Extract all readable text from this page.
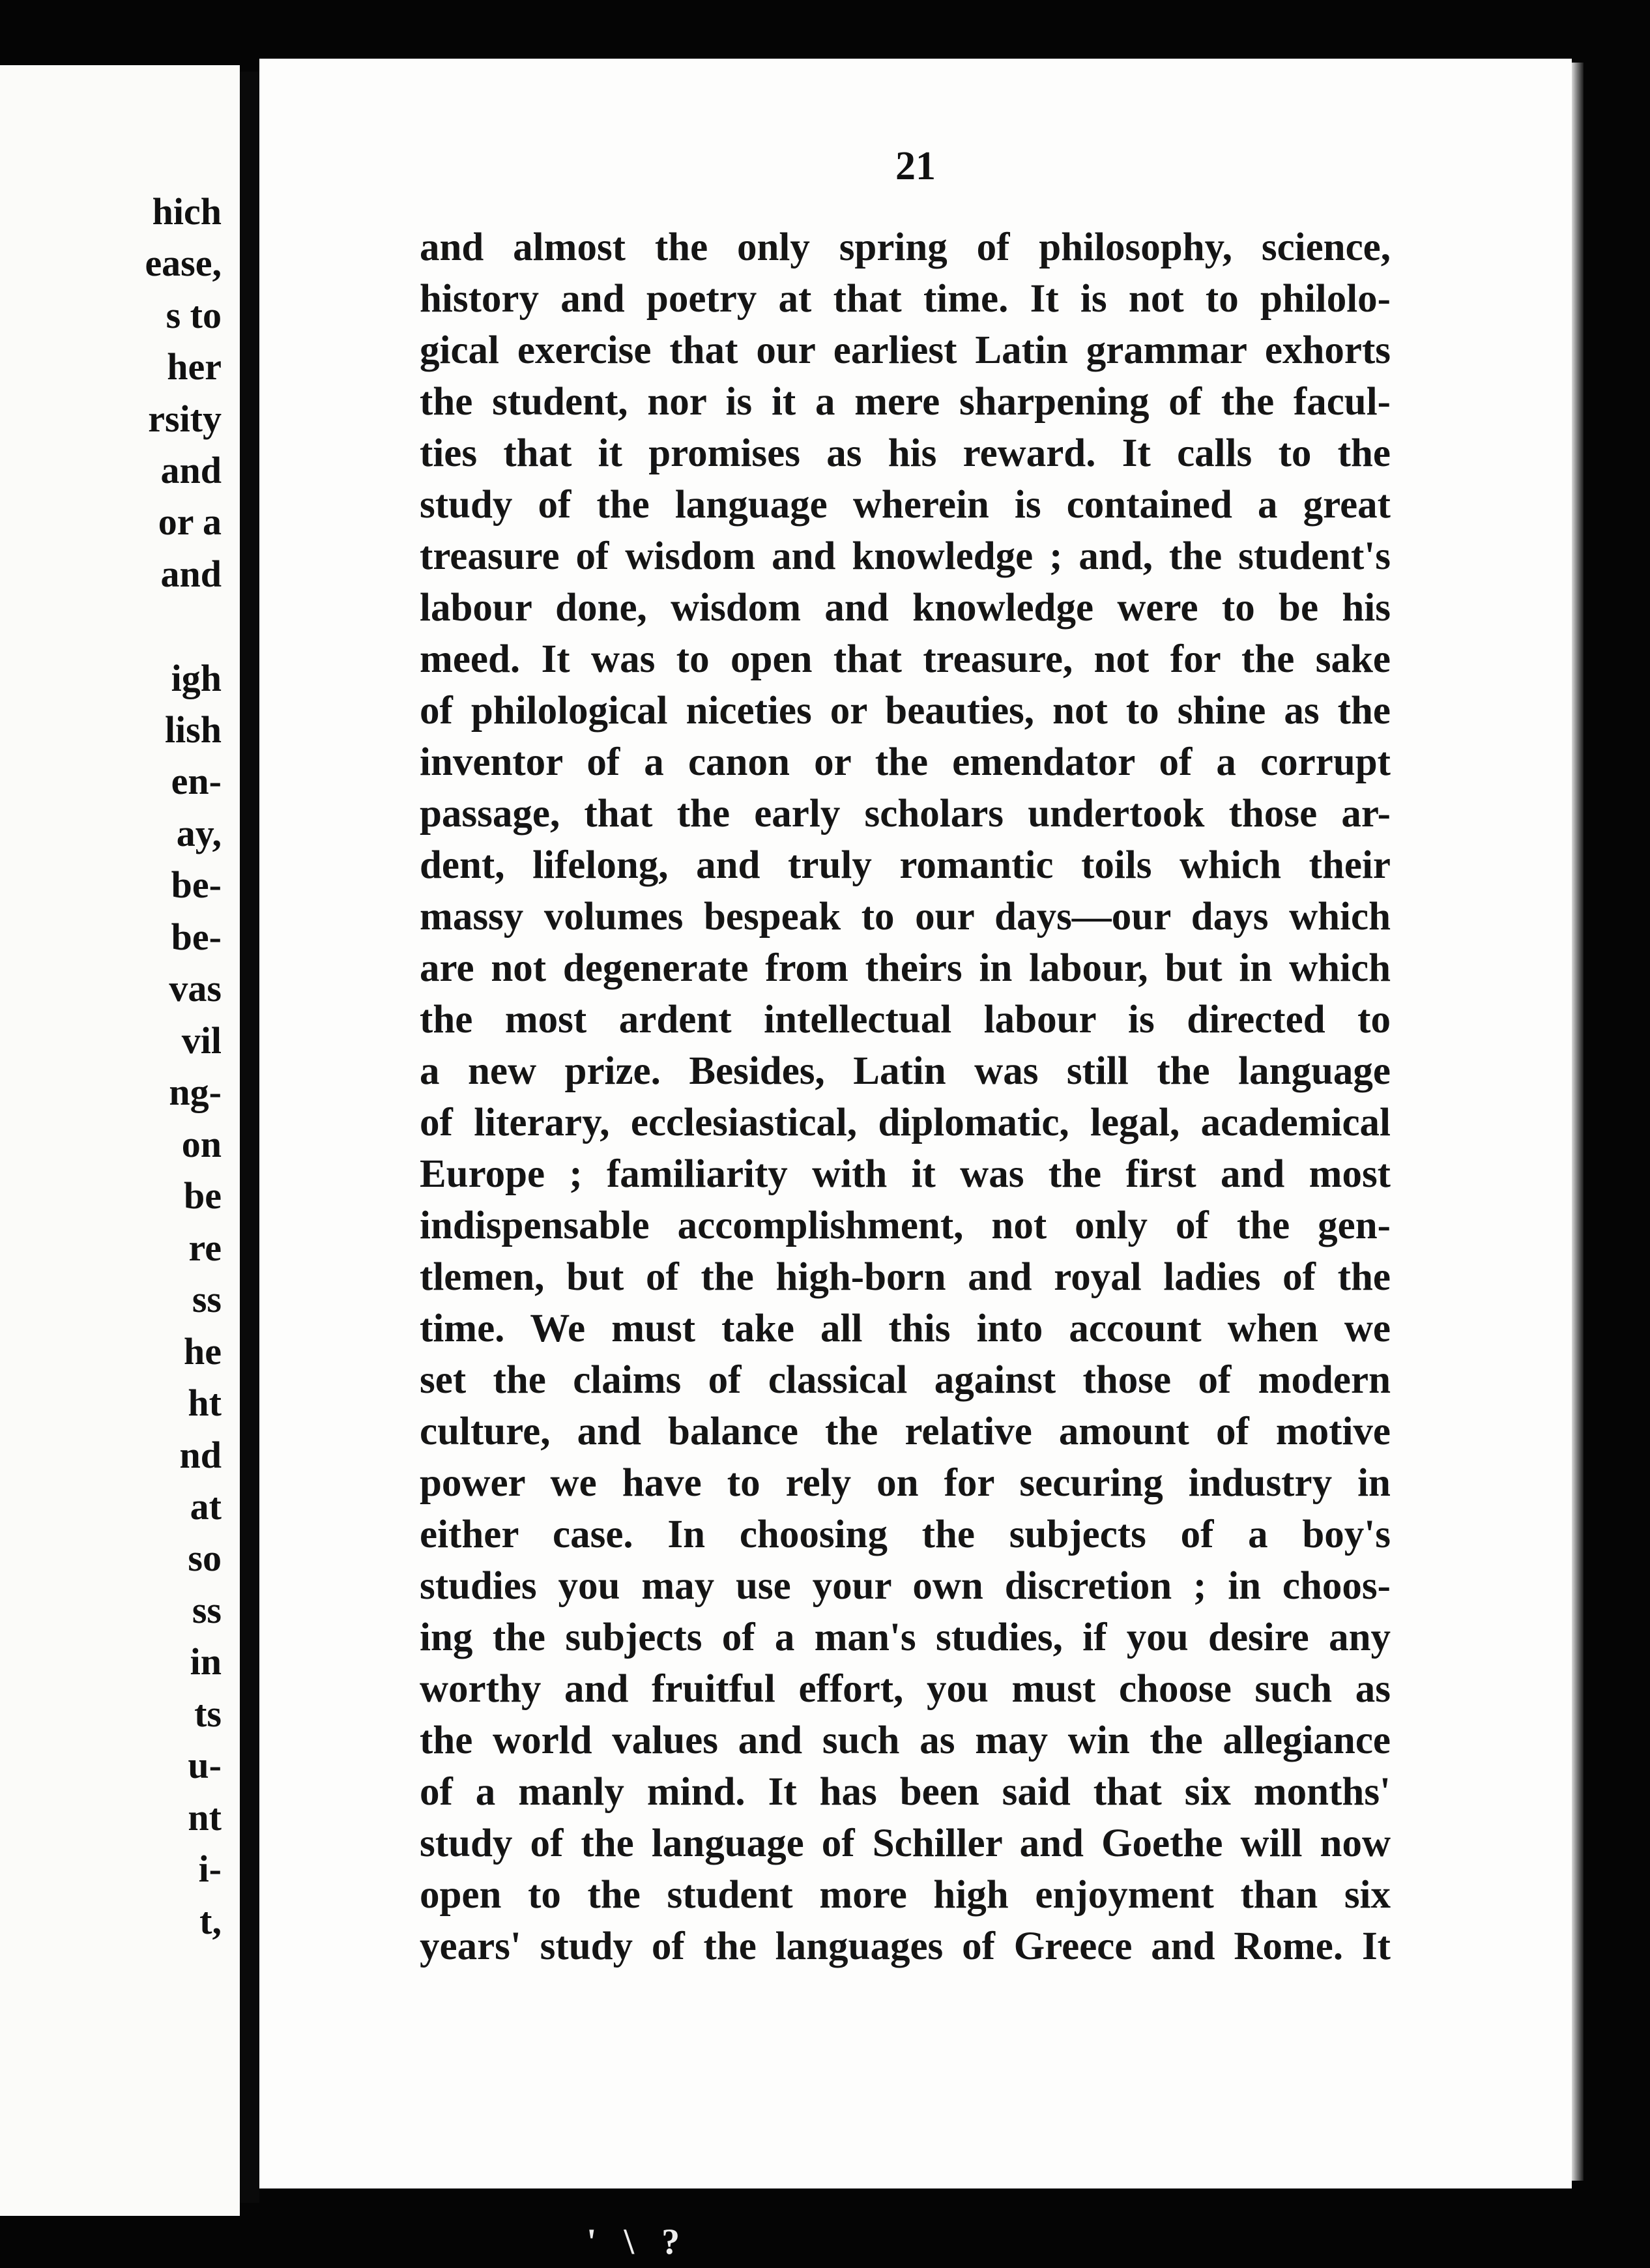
hich
ease,
s to
her
rsity
and
or a
and
igh
lish
en-
ay,
be-
be-
vas
vil
ng-
on
be
re
ss
he
ht
nd
at
so
ss
in
ts
u-
nt
i-
t,
21
and almost the only spring of philosophy, science,
history and poetry at that time. It is not to philolo-
gical exercise that our earliest Latin grammar exhorts
the student, nor is it a mere sharpening of the facul-
ties that it promises as his reward. It calls to the
study of the language wherein is contained a great
treasure of wisdom and knowledge ; and, the student's
labour done, wisdom and knowledge were to be his
meed. It was to open that treasure, not for the sake
of philological niceties or beauties, not to shine as the
inventor of a canon or the emendator of a corrupt
passage, that the early scholars undertook those ar-
dent, lifelong, and truly romantic toils which their
massy volumes bespeak to our days—our days which
are not degenerate from theirs in labour, but in which
the most ardent intellectual labour is directed to
a new prize. Besides, Latin was still the language
of literary, ecclesiastical, diplomatic, legal, academical
Europe ; familiarity with it was the first and most
indispensable accomplishment, not only of the gen-
tlemen, but of the high-born and royal ladies of the
time. We must take all this into account when we
set the claims of classical against those of modern
culture, and balance the relative amount of motive
power we have to rely on for securing industry in
either case. In choosing the subjects of a boy's
studies you may use your own discretion ; in choos-
ing the subjects of a man's studies, if you desire any
worthy and fruitful effort, you must choose such as
the world values and such as may win the allegiance
of a manly mind. It has been said that six months'
study of the language of Schiller and Goethe will now
open to the student more high enjoyment than six
years' study of the languages of Greece and Rome. It
' \ ?
